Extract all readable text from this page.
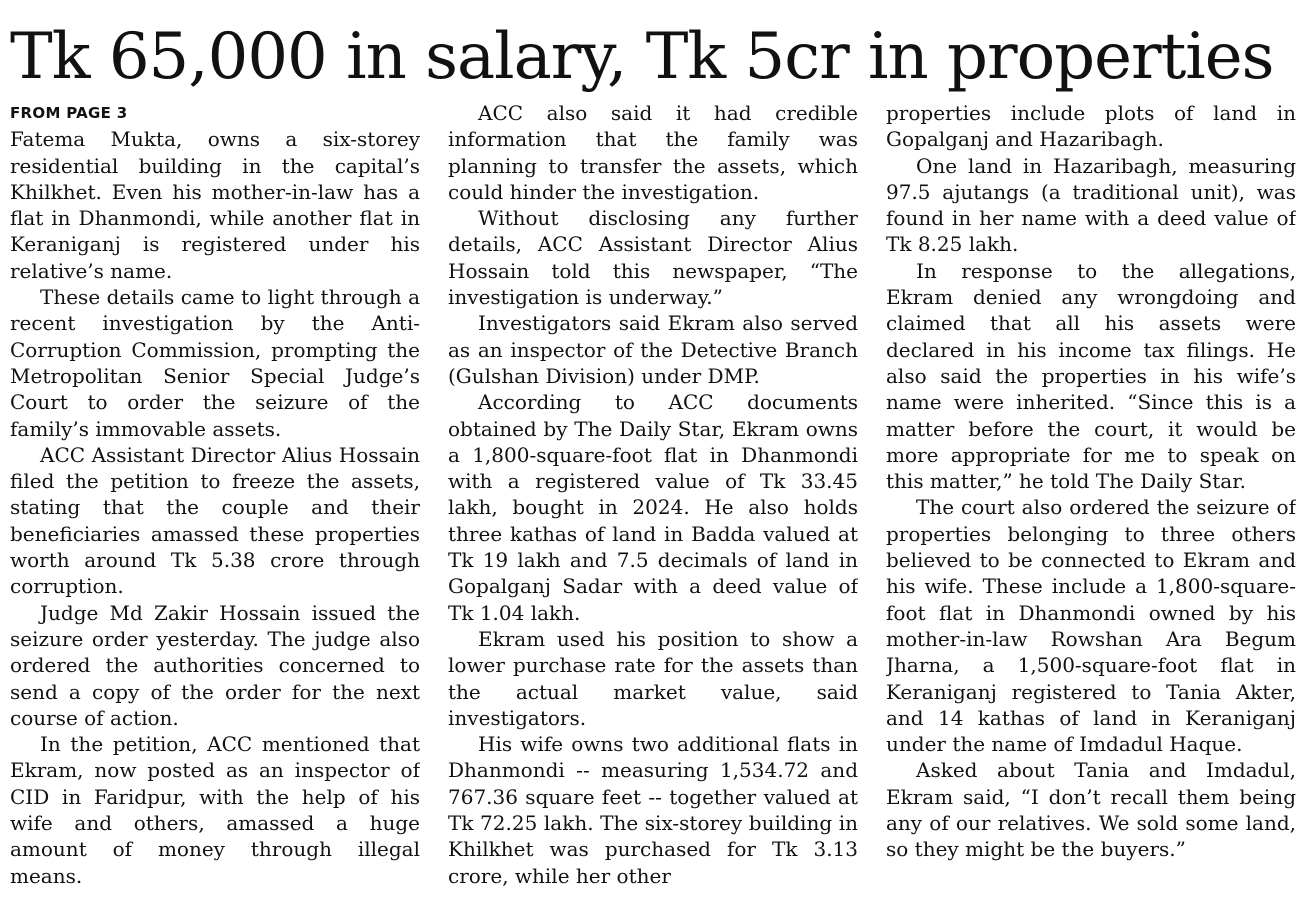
Tk 65,000 in salary, Tk 5cr in properties
FROM PAGE 3

Fatema Mukta, owns a six-storey residential building in the capital’s Khilkhet. Even his mother-in-law has a flat in Dhanmondi, while another flat in Keraniganj is registered under his relative’s name.

These details came to light through a recent investigation by the Anti-Corruption Commission, prompting the Metropolitan Senior Special Judge’s Court to order the seizure of the family’s immovable assets.

ACC Assistant Director Alius Hossain filed the petition to freeze the assets, stating that the couple and their beneficiaries amassed these properties worth around Tk 5.38 crore through corruption.

Judge Md Zakir Hossain issued the seizure order yesterday. The judge also ordered the authorities concerned to send a copy of the order for the next course of action.

In the petition, ACC mentioned that Ekram, now posted as an inspector of CID in Faridpur, with the help of his wife and others, amassed a huge amount of money through illegal means.

ACC also said it had credible information that the family was planning to transfer the assets, which could hinder the investigation.

Without disclosing any further details, ACC Assistant Director Alius Hossain told this newspaper, “The investigation is underway.”

Investigators said Ekram also served as an inspector of the Detective Branch (Gulshan Division) under DMP.

According to ACC documents obtained by The Daily Star, Ekram owns a 1,800-square-foot flat in Dhanmondi with a registered value of Tk 33.45 lakh, bought in 2024. He also holds three kathas of land in Badda valued at Tk 19 lakh and 7.5 decimals of land in Gopalganj Sadar with a deed value of Tk 1.04 lakh.

Ekram used his position to show a lower purchase rate for the assets than the actual market value, said investigators.

His wife owns two additional flats in Dhanmondi -- measuring 1,534.72 and 767.36 square feet -- together valued at Tk 72.25 lakh. The six-storey building in Khilkhet was purchased for Tk 3.13 crore, while her other

properties include plots of land in Gopalganj and Hazaribagh.

One land in Hazaribagh, measuring 97.5 ajutangs (a traditional unit), was found in her name with a deed value of Tk 8.25 lakh.

In response to the allegations, Ekram denied any wrongdoing and claimed that all his assets were declared in his income tax filings. He also said the properties in his wife’s name were inherited. “Since this is a matter before the court, it would be more appropriate for me to speak on this matter,” he told The Daily Star.

The court also ordered the seizure of properties belonging to three others believed to be connected to Ekram and his wife. These include a 1,800-square-foot flat in Dhanmondi owned by his mother-in-law Rowshan Ara Begum Jharna, a 1,500-square-foot flat in Keraniganj registered to Tania Akter, and 14 kathas of land in Keraniganj under the name of Imdadul Haque.

Asked about Tania and Imdadul, Ekram said, “I don’t recall them being any of our relatives. We sold some land, so they might be the buyers.”
